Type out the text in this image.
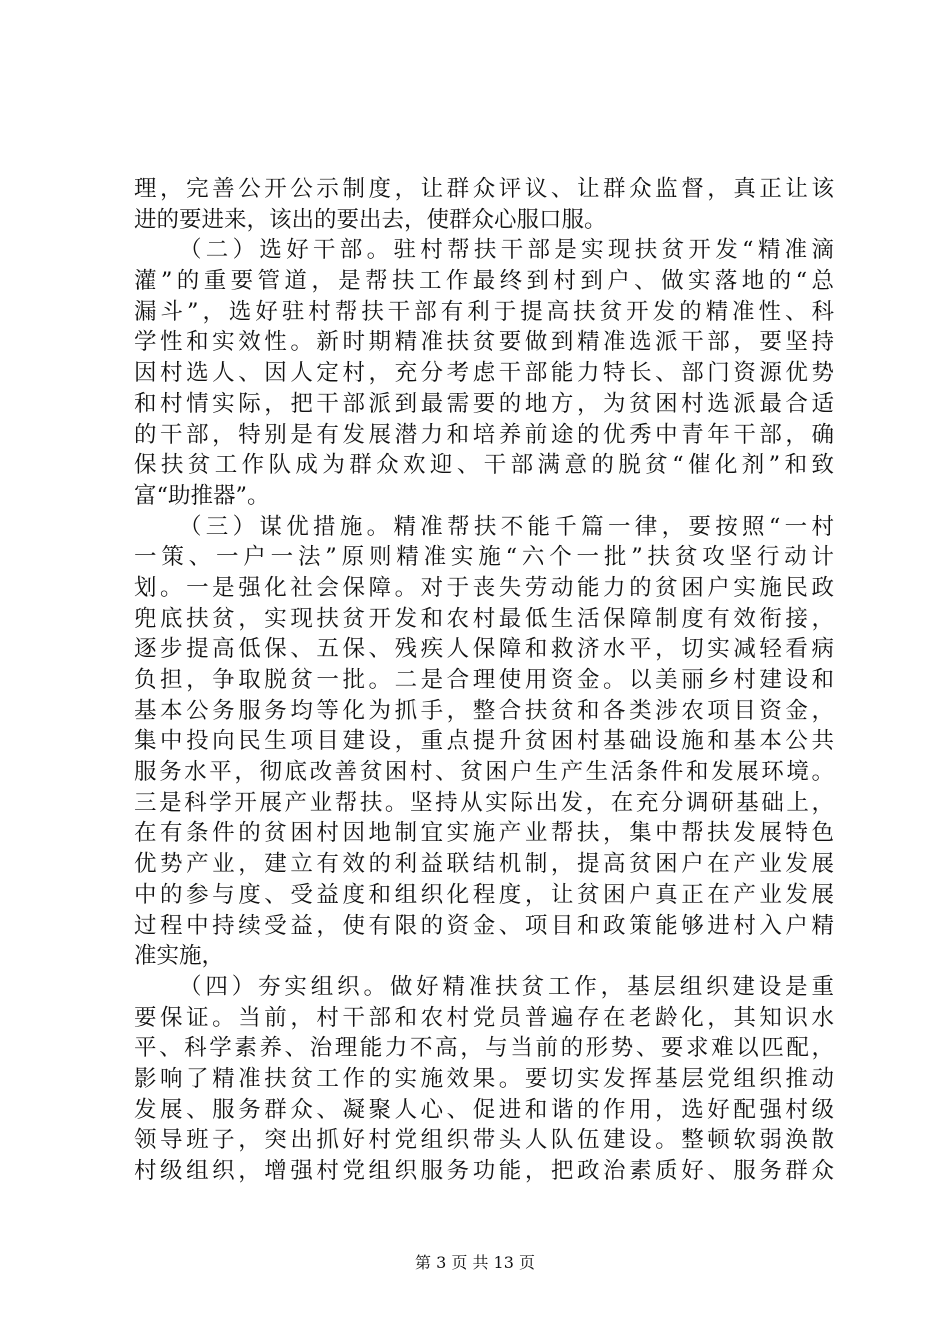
理，完善公开公示制度，让群众评议、让群众监督，真正让该
进的要进来，该出的要出去，使群众心服口服。
（二）选好干部。驻村帮扶干部是实现扶贫开发“精准滴
灌”的重要管道，是帮扶工作最终到村到户、做实落地的“总
漏斗”，选好驻村帮扶干部有利于提高扶贫开发的精准性、科
学性和实效性。新时期精准扶贫要做到精准选派干部，要坚持
因村选人、因人定村，充分考虑干部能力特长、部门资源优势
和村情实际，把干部派到最需要的地方，为贫困村选派最合适
的干部，特别是有发展潜力和培养前途的优秀中青年干部，确
保扶贫工作队成为群众欢迎、干部满意的脱贫“催化剂”和致
富“助推器”。
（三）谋优措施。精准帮扶不能千篇一律，要按照“一村
一策、一户一法”原则精准实施“六个一批”扶贫攻坚行动计
划。一是强化社会保障。对于丧失劳动能力的贫困户实施民政
兜底扶贫，实现扶贫开发和农村最低生活保障制度有效衔接，
逐步提高低保、五保、残疾人保障和救济水平，切实减轻看病
负担，争取脱贫一批。二是合理使用资金。以美丽乡村建设和
基本公务服务均等化为抓手，整合扶贫和各类涉农项目资金，
集中投向民生项目建设，重点提升贫困村基础设施和基本公共
服务水平，彻底改善贫困村、贫困户生产生活条件和发展环境。
三是科学开展产业帮扶。坚持从实际出发，在充分调研基础上，
在有条件的贫困村因地制宜实施产业帮扶，集中帮扶发展特色
优势产业，建立有效的利益联结机制，提高贫困户在产业发展
中的参与度、受益度和组织化程度，让贫困户真正在产业发展
过程中持续受益，使有限的资金、项目和政策能够进村入户精
准实施，
（四）夯实组织。做好精准扶贫工作，基层组织建设是重
要保证。当前，村干部和农村党员普遍存在老龄化，其知识水
平、科学素养、治理能力不高，与当前的形势、要求难以匹配，
影响了精准扶贫工作的实施效果。要切实发挥基层党组织推动
发展、服务群众、凝聚人心、促进和谐的作用，选好配强村级
领导班子，突出抓好村党组织带头人队伍建设。整顿软弱涣散
村级组织，增强村党组织服务功能，把政治素质好、服务群众
第 3 页 共 13 页
